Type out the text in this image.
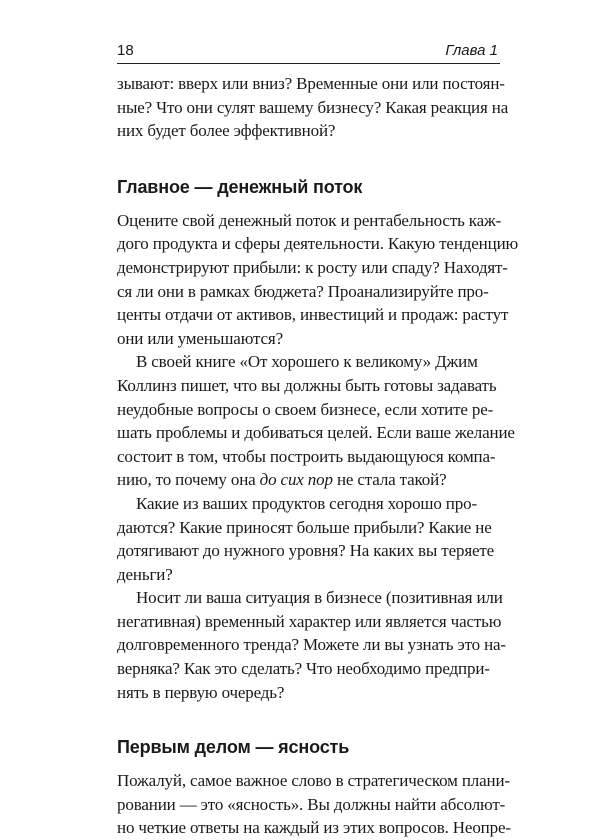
18	Глава 1
зывают: вверх или вниз? Временные они или постоян-
ные? Что они сулят вашему бизнесу? Какая реакция на
них будет более эффективной?
Главное — денежный поток
Оцените свой денежный поток и рентабельность каж-
дого продукта и сферы деятельности. Какую тенденцию
демонстрируют прибыли: к росту или спаду? Находят-
ся ли они в рамках бюджета? Проанализируйте про-
центы отдачи от активов, инвестиций и продаж: растут
они или уменьшаются?
В своей книге «От хорошего к великому» Джим
Коллинз пишет, что вы должны быть готовы задавать
неудобные вопросы о своем бизнесе, если хотите ре-
шать проблемы и добиваться целей. Если ваше желание
состоит в том, чтобы построить выдающуюся компа-
нию, то почему она до сих пор не стала такой?
Какие из ваших продуктов сегодня хорошо про-
даются? Какие приносят больше прибыли? Какие не
дотягивают до нужного уровня? На каких вы теряете
деньги?
Носит ли ваша ситуация в бизнесе (позитивная или
негативная) временный характер или является частью
долговременного тренда? Можете ли вы узнать это на-
верняка? Как это сделать? Что необходимо предпри-
нять в первую очередь?
Первым делом — ясность
Пожалуй, самое важное слово в стратегическом плани-
ровании — это «ясность». Вы должны найти абсолют-
но четкие ответы на каждый из этих вопросов. Неопре-
